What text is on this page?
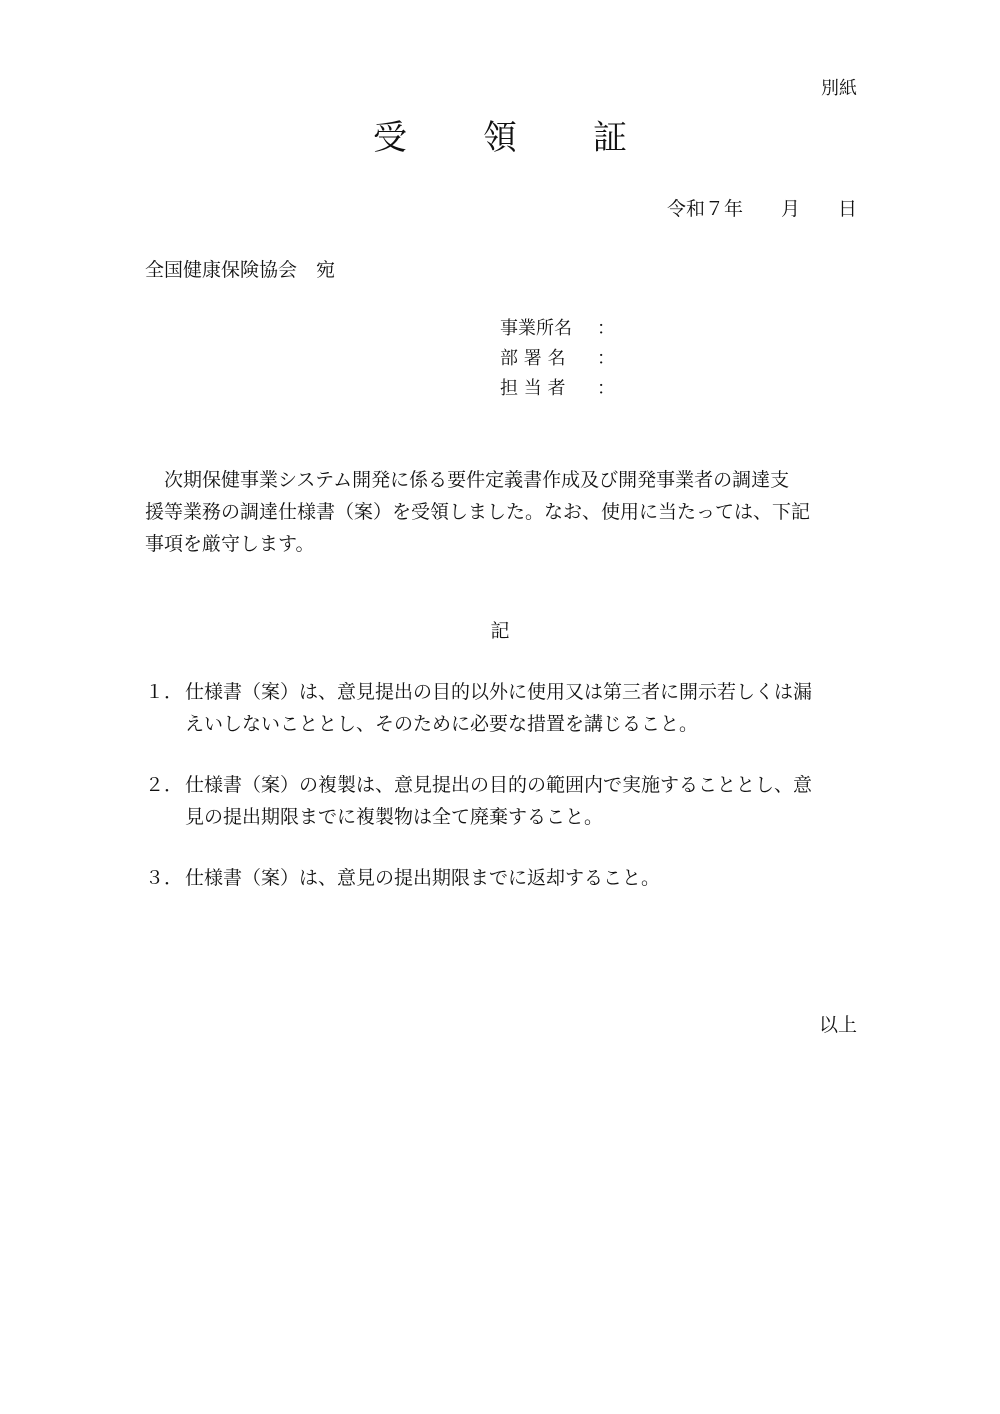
別紙
受 領 証
令和７年 月 日
全国健康保険協会　宛
事業所名	：
部 署 名	：
担 当 者	：

　次期保健事業システム開発に係る要件定義書作成及び開発事業者の調達支

援等業務の調達仕様書（案）を受領しました。なお、使用に当たっては、下記

事項を厳守します。

記
１． 仕様書（案）は、意見提出の目的以外に使用又は第三者に開示若しくは漏
えいしないこととし、そのために必要な措置を講じること。
２． 仕様書（案）の複製は、意見提出の目的の範囲内で実施することとし、意
見の提出期限までに複製物は全て廃棄すること。
３． 仕様書（案）は、意見の提出期限までに返却すること。
以上
